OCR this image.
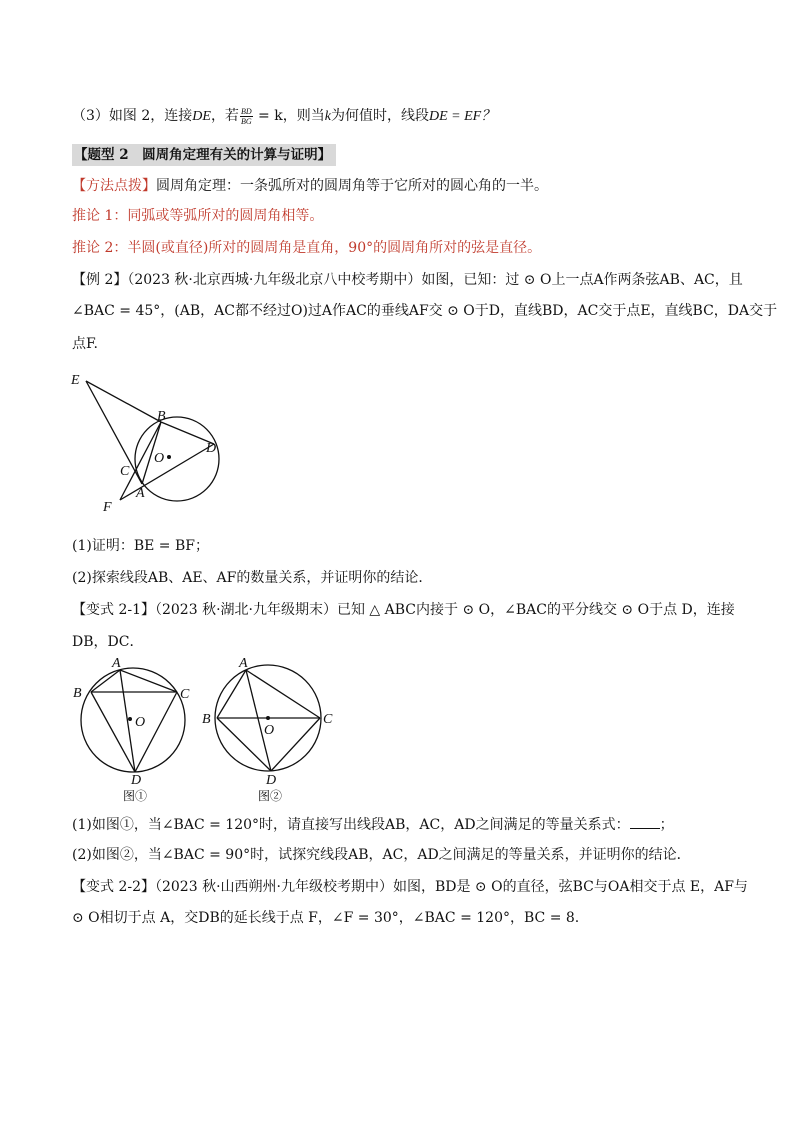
（3）如图 2，连接DE，若 $\frac{BD}{BG} = k$，则当k为何值时，线段DE = EF？
【题型 2　圆周角定理有关的计算与证明】
【方法点拨】圆周角定理：一条弧所对的圆周角等于它所对的圆心角的一半。
推论 1：同弧或等弧所对的圆周角相等。
推论 2：半圆(或直径)所对的圆周角是直角，90°的圆周角所对的弦是直径。
【例 2】（2023 秋·北京西城·九年级北京八中校考期中）如图，已知：过 ⊙ O上一点A作两条弦AB、AC，且
∠BAC = 45°，(AB，AC都不经过O)过A作AC的垂线AF交 ⊙ O于D，直线BD，AC交于点E，直线BC，DA交于
点F.
E
B
D
O
C
A
F
A
B	C
O
D
图①
A
B	C
O
D
图②
(1)证明：BE = BF；
(2)探索线段AB、AE、AF的数量关系，并证明你的结论．
【变式 2-1】（2023 秋·湖北·九年级期末）已知 △ ABC内接于 ⊙ O，∠BAC的平分线交 ⊙ O于点 D，连接
DB，DC．
(1)如图①，当∠BAC = 120°时，请直接写出线段AB，AC，AD之间满足的等量关系式： ；
(2)如图②，当∠BAC = 90°时，试探究线段AB，AC，AD之间满足的等量关系，并证明你的结论．
【变式 2-2】（2023 秋·山西朔州·九年级校考期中）如图，BD是 ⊙ O的直径，弦BC与OA相交于点 E，AF与
⊙ O相切于点 A，交DB的延长线于点 F，∠F = 30°，∠BAC = 120°，BC = 8.
